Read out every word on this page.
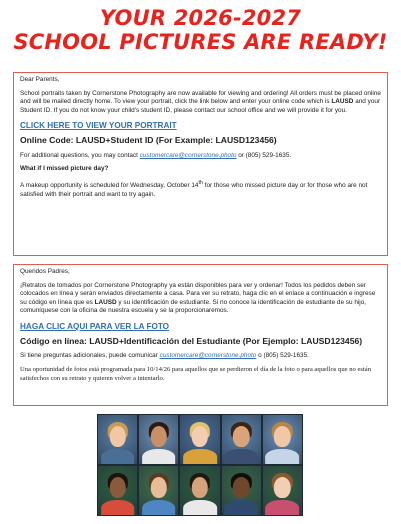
YOUR 2026-2027
SCHOOL PICTURES ARE READY!

Dear Parents,

School portraits taken by Cornerstone Photography are now available for viewing and ordering! All orders must be placed online and will be mailed directly home. To view your portrait, click the link below and enter your online code which is LAUSD and your Student ID. If you do not know your child’s student ID, please contact our school office and we will provide it for you.

CLICK HERE TO VIEW YOUR PORTRAIT
Online Code: LAUSD+Student ID (For Example: LAUSD123456)

For additional questions, you may contact customercare@cornerstone.photo or (805) 529-1635.

What if I missed picture day?

A makeup opportunity is scheduled for Wednesday, October 14th for those who missed picture day or for those who are not satisfied with their portrait and want to try again.

Queridos Padres,

¡Retratos de tomados por Cornerstone Photography ya están disponibles para ver y ordenar! Todos los pedidos deben ser colocados en línea y serán enviados directamente a casa. Para ver su retrato, haga clic en el enlace a continuación e ingrese su código en línea que es LAUSD y su identificación de estudiante. Si no conoce la identificación de estudiante de su hijo, comuníquese con la oficina de nuestra escuela y se la proporcionaremos.

HAGA CLIC AQUI PARA VER LA FOTO
Código en línea: LAUSD+Identificación del Estudiante (Por Ejemplo: LAUSD123456)

Si tiene preguntas adicionales, puede comunicar customercare@cornerstone.photo o (805) 529-1635.

Una oportunidad de fotos está programada para 10/14/26 para aquellos que se perdieron el día de la foto o para aquellos que no están satisfechos con su retrato y quieren volver a intentarlo.
